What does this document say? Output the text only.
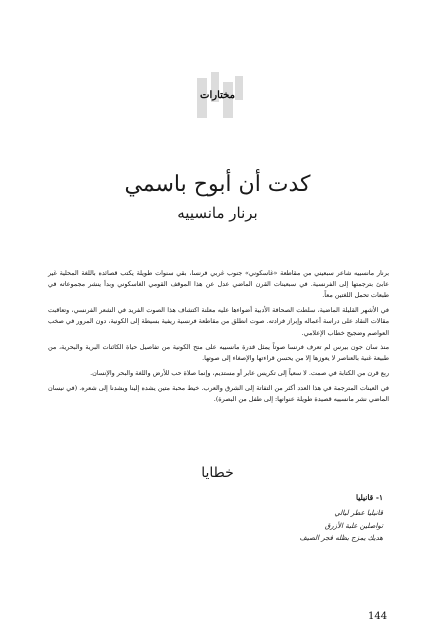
مختارات
كدت أن أبوح باسمي
برنار مانسييه

برنار مانسييه شاعر سبعيني من مقاطعة «غاسكوني» جنوب غربي فرنسا، بقي سنوات طويلة يكتب قصائده باللغة المحلية غير عابئ بترجمتها إلى الفرنسية. في سبعينات القرن الماضي عدل عن هذا الموقف القومي الغاسكوني وبدأ ينشر مجموعاته في طبعات تحمل اللغتين معاً.

في الأشهر القليلة الماضية، سلطت الصحافة الأدبية أضواءها عليه معلنة اكتشاف هذا الصوت الفريد في الشعر الفرنسي، وتعاقبت مقالات النقاد على دراسة أعماله وإبراز فرادته. صوت انطلق من مقاطعة فرنسية ريفية بسيطة إلى الكونية، دون المرور في صخب العواصم وضجيج خطاب الإعلامي.

منذ سان جون بيرس لم تعرف فرنسا صوتاً يمثل قدرة مانسييه على متح الكونية من تفاصيل حياة الكائنات البرية والبحرية، من طبيعة غنية بالعناصر لا يعوزها إلا من يحسن قراءتها والإصغاء إلى صوتها.

ربع قرن من الكتابة في صمت. لا سعياً إلى تكريس عابر أو مستديم، وإنما صلاة حب للأرض واللغة والبحر والإنسان.

في العينات المترجمة في هذا العدد أكثر من التفاتة إلى الشرق والعرب. خيط محبة متين يشده إلينا ويشدنا إلى شعره. (في نيسان الماضي نشر مانسييه قصيدة طويلة عنوانها: إلى طفل من البصرة).

خطايا
١- قانيليا
قانيليا عطر ليالي
تواصلين علبة الأزرق
هديك يمزج بظله فجر الصيف
144
